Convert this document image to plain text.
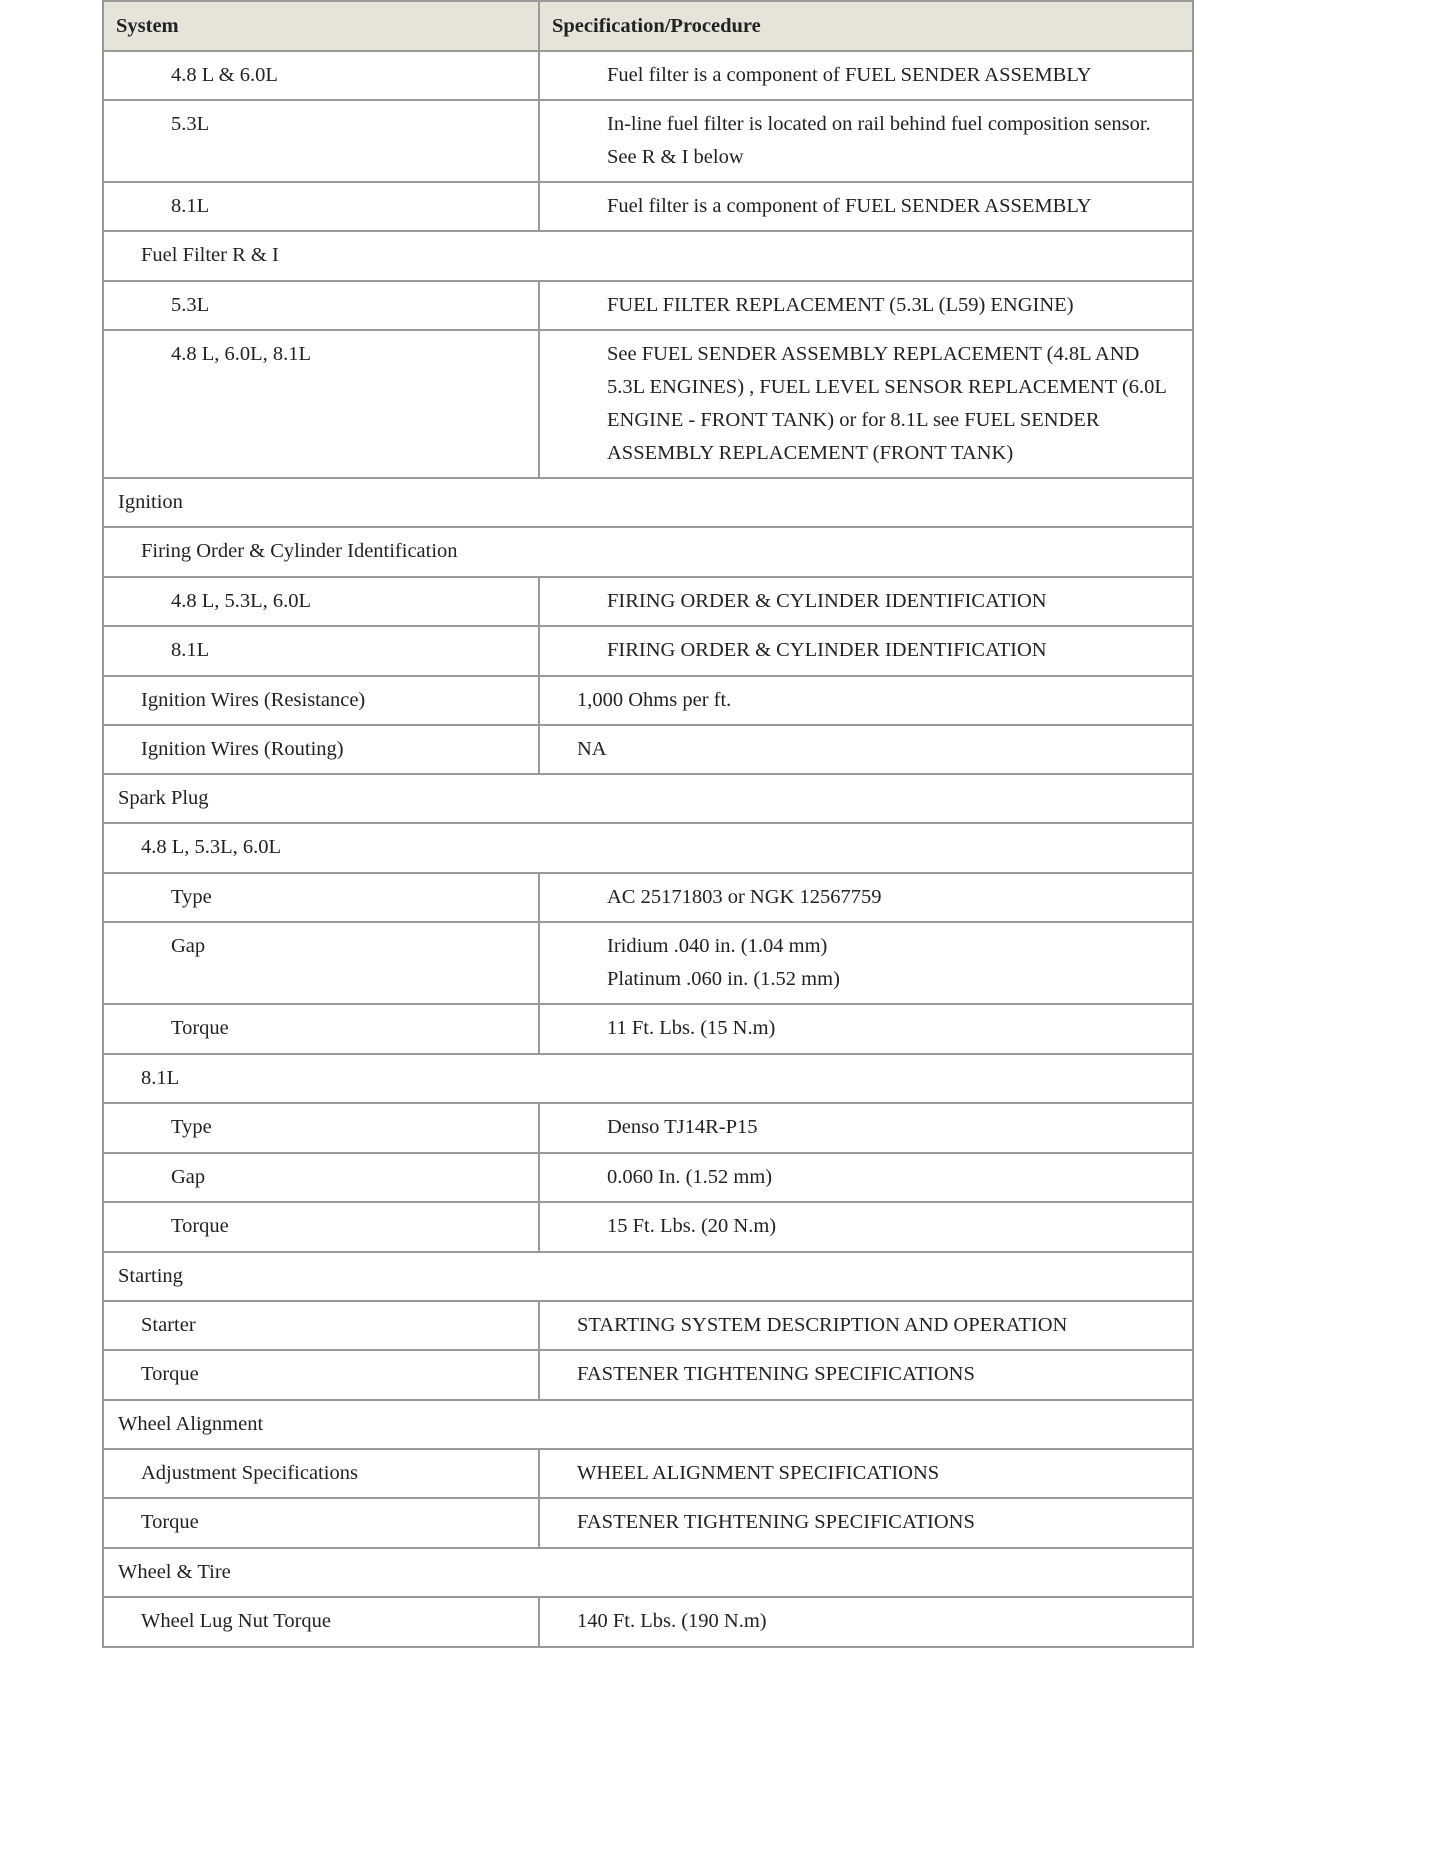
System	Specification/Procedure
4.8 L & 6.0L	Fuel filter is a component of FUEL SENDER ASSEMBLY
5.3L	In-line fuel filter is located on rail behind fuel composition sensor.
See R & I below
8.1L	Fuel filter is a component of FUEL SENDER ASSEMBLY
Fuel Filter R & I	
5.3L	FUEL FILTER REPLACEMENT (5.3L (L59) ENGINE)
4.8 L, 6.0L, 8.1L	See FUEL SENDER ASSEMBLY REPLACEMENT (4.8L AND 5.3L ENGINES) , FUEL LEVEL SENSOR REPLACEMENT (6.0L ENGINE - FRONT TANK) or for 8.1L see FUEL SENDER ASSEMBLY REPLACEMENT (FRONT TANK)
Ignition	
Firing Order & Cylinder Identification	
4.8 L, 5.3L, 6.0L	FIRING ORDER & CYLINDER IDENTIFICATION
8.1L	FIRING ORDER & CYLINDER IDENTIFICATION
Ignition Wires (Resistance)	1,000 Ohms per ft.
Ignition Wires (Routing)	NA
Spark Plug	
4.8 L, 5.3L, 6.0L	
Type	AC 25171803 or NGK 12567759
Gap	Iridium .040 in. (1.04 mm)
Platinum .060 in. (1.52 mm)
Torque	11 Ft. Lbs. (15 N.m)
8.1L	
Type	Denso TJ14R-P15
Gap	0.060 In. (1.52 mm)
Torque	15 Ft. Lbs. (20 N.m)
Starting	
Starter	STARTING SYSTEM DESCRIPTION AND OPERATION
Torque	FASTENER TIGHTENING SPECIFICATIONS
Wheel Alignment	
Adjustment Specifications	WHEEL ALIGNMENT SPECIFICATIONS
Torque	FASTENER TIGHTENING SPECIFICATIONS
Wheel & Tire	
Wheel Lug Nut Torque	140 Ft. Lbs. (190 N.m)
